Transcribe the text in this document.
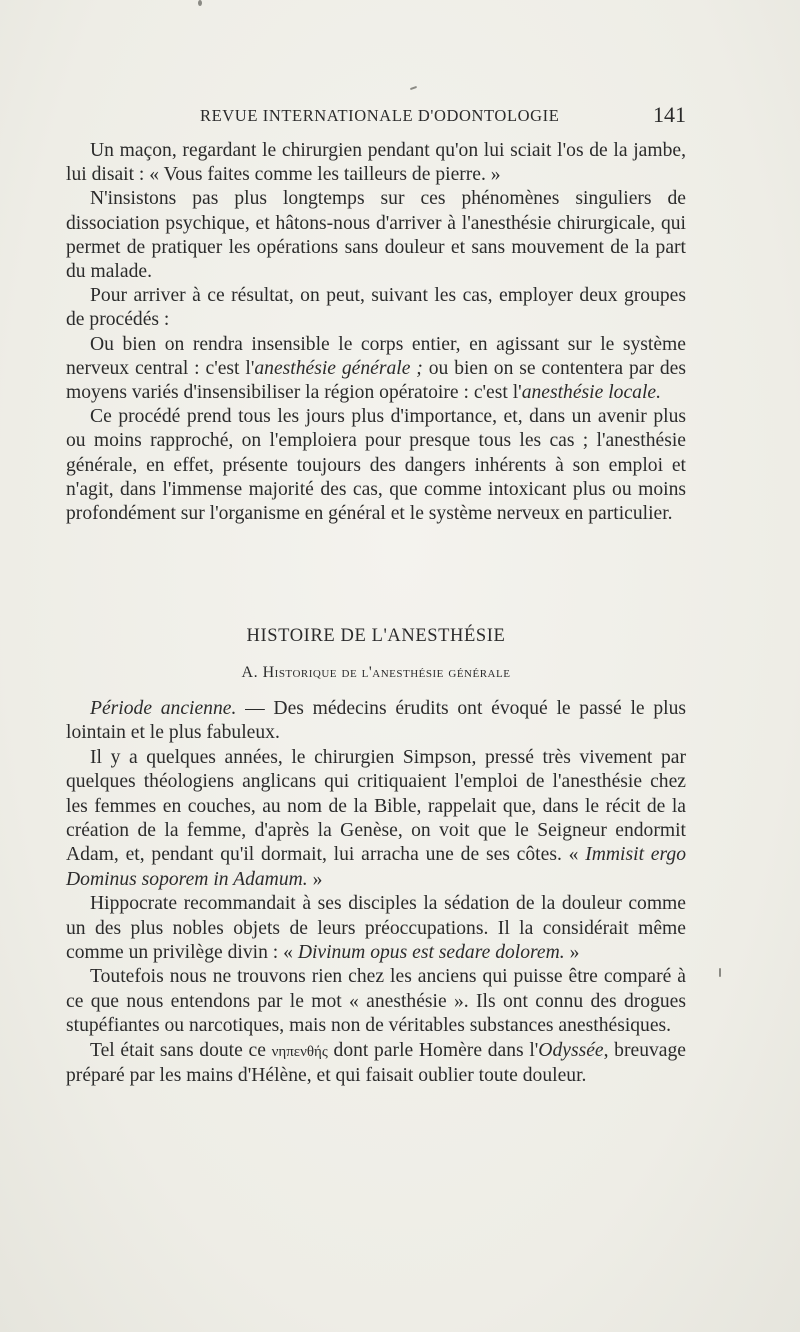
REVUE INTERNATIONALE D'ODONTOLOGIE	141

Un maçon, regardant le chirurgien pendant qu'on lui sciait l'os de la jambe, lui disait : « Vous faites comme les tailleurs de pierre. »

N'insistons pas plus longtemps sur ces phénomènes singuliers de dissociation psychique, et hâtons-nous d'arriver à l'anesthésie chirurgicale, qui permet de pratiquer les opérations sans douleur et sans mouvement de la part du malade.

Pour arriver à ce résultat, on peut, suivant les cas, employer deux groupes de procédés :

Ou bien on rendra insensible le corps entier, en agissant sur le système nerveux central : c'est l'anesthésie générale ; ou bien on se contentera par des moyens variés d'insensibiliser la région opératoire : c'est l'anesthésie locale.

Ce procédé prend tous les jours plus d'importance, et, dans un avenir plus ou moins rapproché, on l'emploiera pour presque tous les cas ; l'anesthésie générale, en effet, présente toujours des dangers inhérents à son emploi et n'agit, dans l'immense majorité des cas, que comme intoxicant plus ou moins profondément sur l'organisme en général et le système nerveux en particulier.

HISTOIRE DE L'ANESTHÉSIE
A. Historique de l'anesthésie générale

Période ancienne. — Des médecins érudits ont évoqué le passé le plus lointain et le plus fabuleux.

Il y a quelques années, le chirurgien Simpson, pressé très vivement par quelques théologiens anglicans qui critiquaient l'emploi de l'anesthésie chez les femmes en couches, au nom de la Bible, rappelait que, dans le récit de la création de la femme, d'après la Genèse, on voit que le Seigneur endormit Adam, et, pendant qu'il dormait, lui arracha une de ses côtes. « Immisit ergo Dominus soporem in Adamum. »

Hippocrate recommandait à ses disciples la sédation de la douleur comme un des plus nobles objets de leurs préoccupations. Il la considérait même comme un privilège divin : « Divinum opus est sedare dolorem. »

Toutefois nous ne trouvons rien chez les anciens qui puisse être comparé à ce que nous entendons par le mot « anesthésie ». Ils ont connu des drogues stupéfiantes ou narcotiques, mais non de véritables substances anesthésiques.

Tel était sans doute ce νηπενθής dont parle Homère dans l'Odyssée, breuvage préparé par les mains d'Hélène, et qui faisait oublier toute douleur.
